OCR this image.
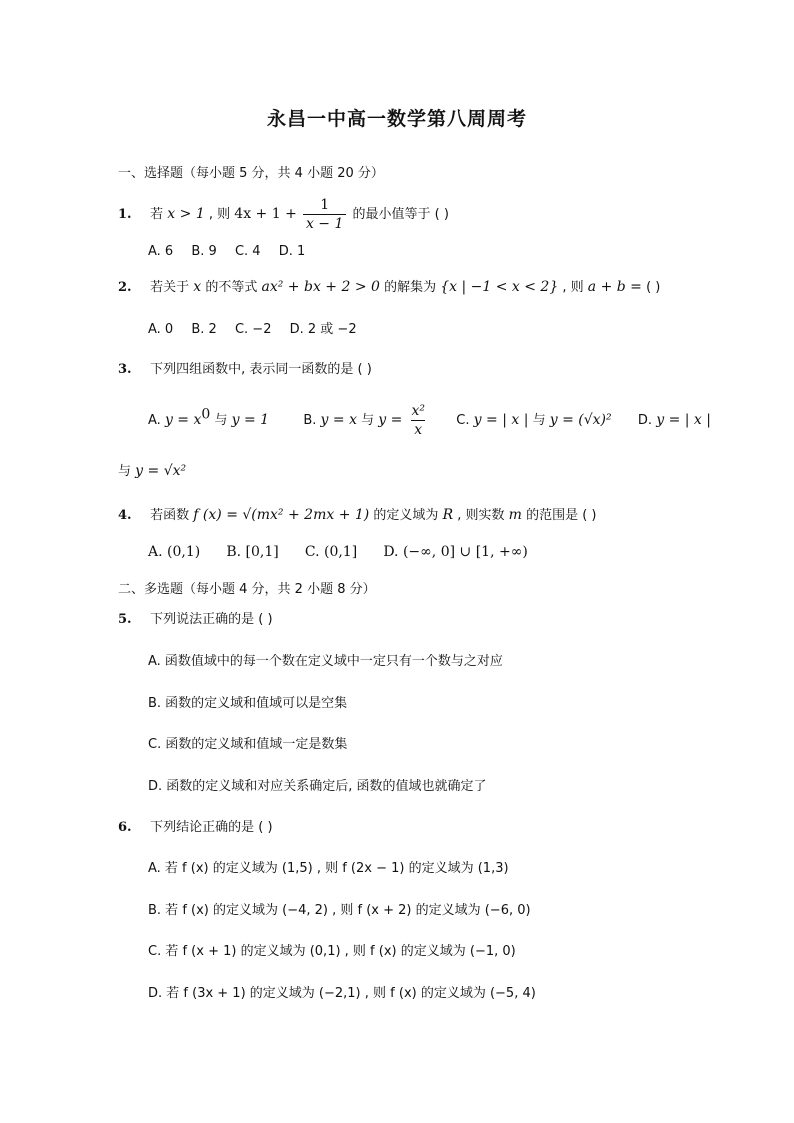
永昌一中高一数学第八周周考
一、选择题（每小题 5 分，共 4 小题 20 分）
1. 若 x > 1 , 则 $4x + 1 + \frac{1}{x - 1}$ 的最小值等于 ( )
A. 6 B. 9 C. 4 D. 1
2. 若关于 x 的不等式 ax² + bx + 2 > 0 的解集为 {x | −1 < x < 2} , 则 a + b = ( )
A. 0 B. 2 C. −2 D. 2 或 −2
3. 下列四组函数中, 表示同一函数的是 ( )
A. $y = x^0$ 与 y = 1	B. y = x 与 $y = \frac{\text{x²}}{x} C$. y = | x | 与 y = (√x)² D. y = | x |
与 y = √x²
4. 若函数 f (x) = √(mx² + 2mx + 1) 的定义域为 R , 则实数 m 的范围是 ( )
A. (0,1) B. [0,1] C. (0,1] D. (−∞, 0] ∪ [1, +∞)
二、多选题（每小题 4 分，共 2 小题 8 分）
5. 下列说法正确的是 ( )
A. 函数值域中的每一个数在定义域中一定只有一个数与之对应
B. 函数的定义域和值域可以是空集
C. 函数的定义域和值域一定是数集
D. 函数的定义域和对应关系确定后, 函数的值域也就确定了
6. 下列结论正确的是 ( )
A. 若 f (x) 的定义域为 (1,5) , 则 f (2x − 1) 的定义域为 (1,3)
B. 若 f (x) 的定义域为 (−4, 2) , 则 f (x + 2) 的定义域为 (−6, 0)
C. 若 f (x + 1) 的定义域为 (0,1) , 则 f (x) 的定义域为 (−1, 0)
D. 若 f (3x + 1) 的定义域为 (−2,1) , 则 f (x) 的定义域为 (−5, 4)
